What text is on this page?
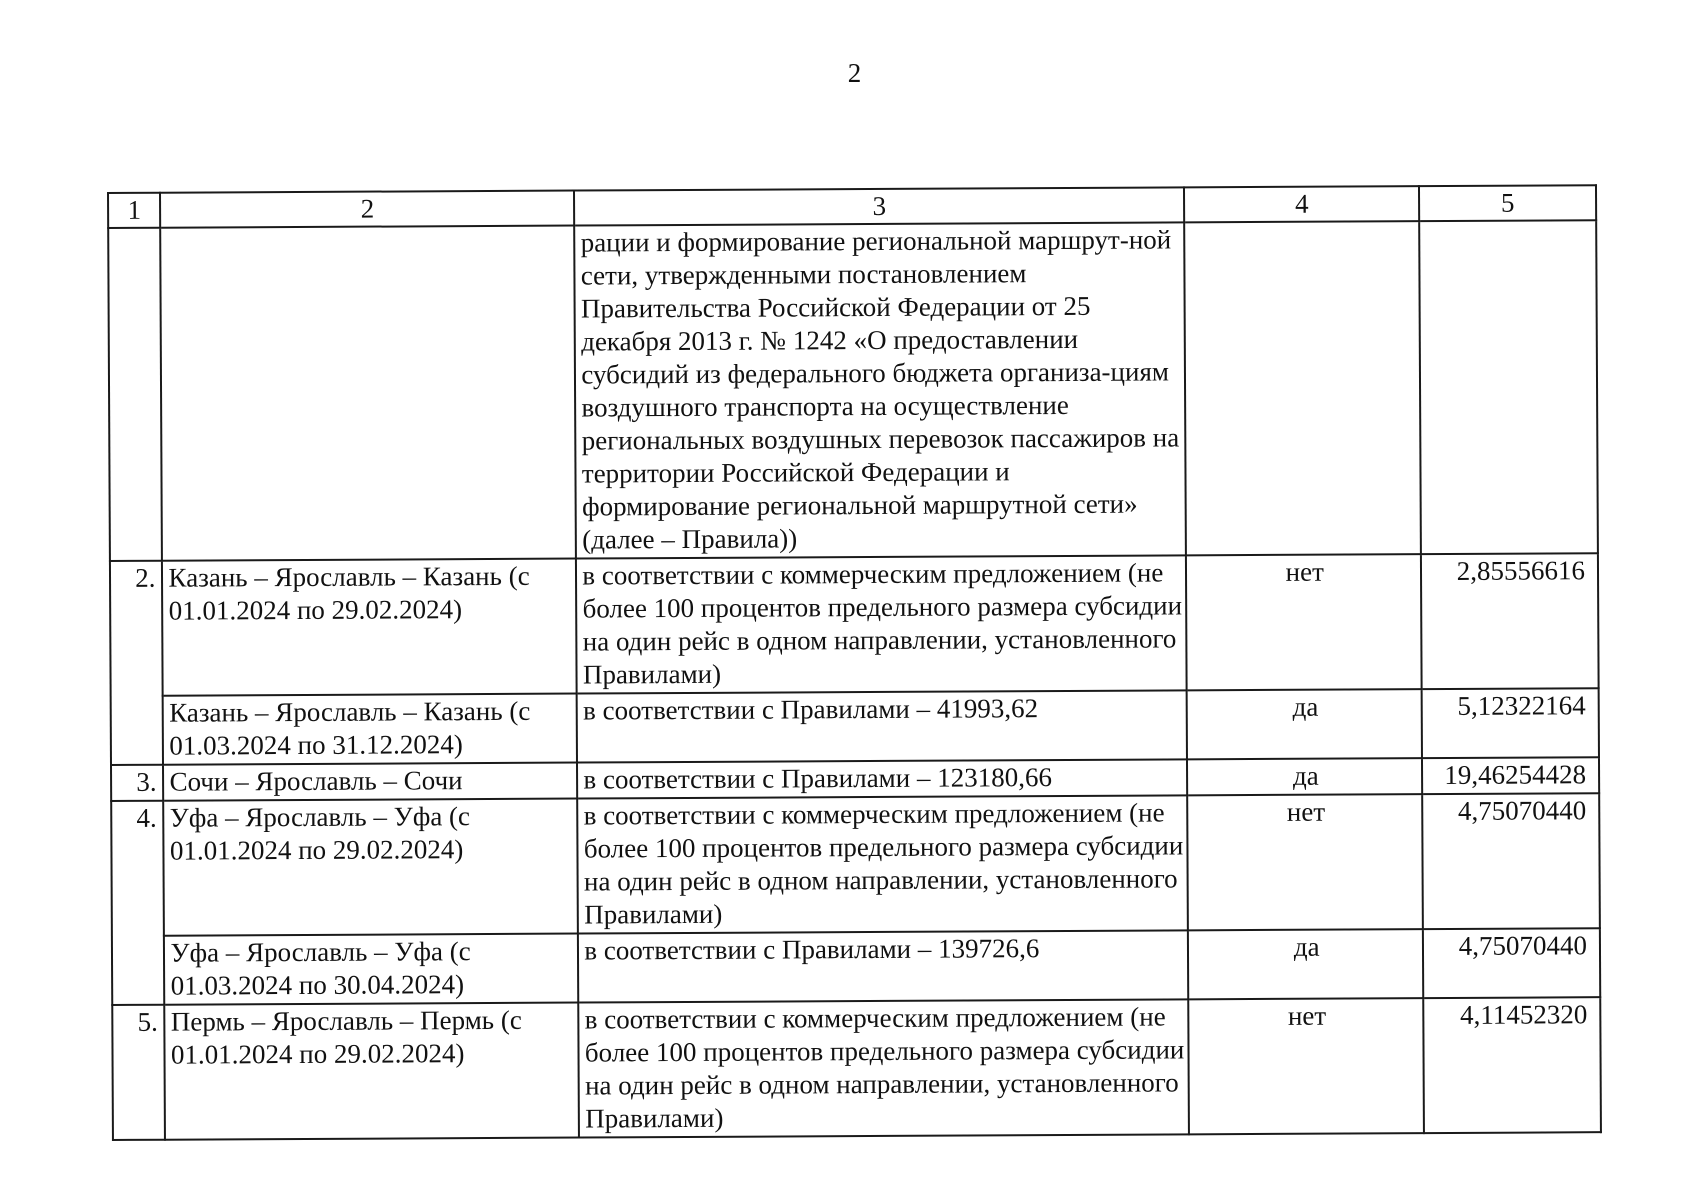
2
1	2	3	4	5
		рации и формирование региональной маршрут-ной сети, утвержденными постановлением Правительства Российской Федерации от 25 декабря 2013 г. № 1242 «О предоставлении субсидий из федерального бюджета организа-циям воздушного транспорта на осуществление региональных воздушных перевозок пассажиров на территории Российской Федерации и формирование региональной маршрутной сети» (далее – Правила))		
2.	Казань – Ярославль – Казань (с 01.01.2024 по 29.02.2024)	в соответствии с коммерческим предложением (не более 100 процентов предельного размера субсидии на один рейс в одном направлении, установленного Правилами)	нет	2,85556616
	Казань – Ярославль – Казань (с 01.03.2024 по 31.12.2024)	в соответствии с Правилами – 41993,62	да	5,12322164
3.	Сочи – Ярославль – Сочи	в соответствии с Правилами – 123180,66	да	19,46254428
4.	Уфа – Ярославль – Уфа (с 01.01.2024 по 29.02.2024)	в соответствии с коммерческим предложением (не более 100 процентов предельного размера субсидии на один рейс в одном направлении, установленного Правилами)	нет	4,75070440
	Уфа – Ярославль – Уфа (с 01.03.2024 по 30.04.2024)	в соответствии с Правилами – 139726,6	да	4,75070440
5.	Пермь – Ярославль – Пермь (с 01.01.2024 по 29.02.2024)	в соответствии с коммерческим предложением (не более 100 процентов предельного размера субсидии на один рейс в одном направлении, установленного Правилами)	нет	4,11452320
